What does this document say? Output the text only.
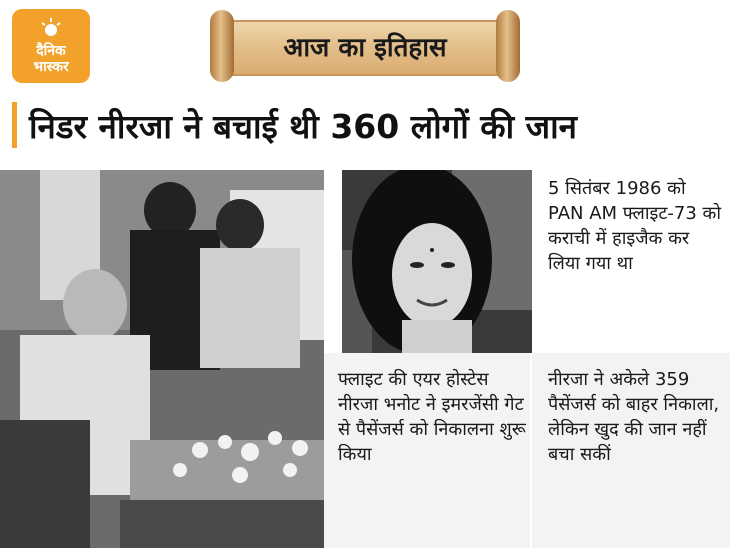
दैनिक
भास्कर
आज का इतिहास
निडर नीरजा ने बचाई थी 360 लोगों की जान
5 सितंबर 1986 को PAN AM फ्लाइट-73 को कराची में हाइजैक कर लिया गया था
फ्लाइट की एयर होस्टेस नीरजा भनोट ने इमरजेंसी गेट से पैसेंजर्स को निकालना शुरू किया
नीरजा ने अकेले 359 पैसेंजर्स को बाहर निकाला, लेकिन खुद की जान नहीं बचा सकीं
